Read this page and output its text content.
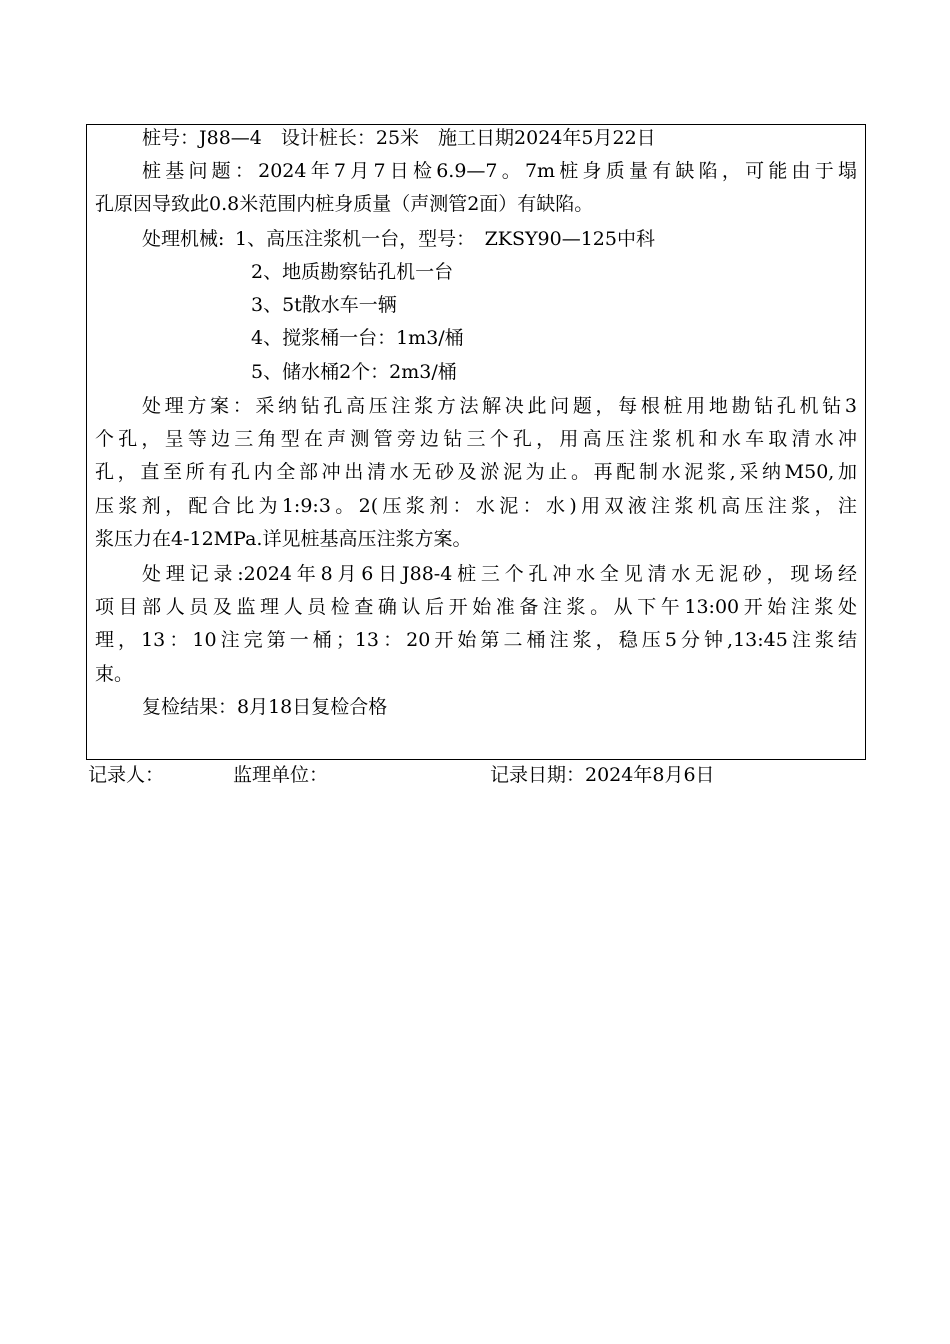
桩号：J88—4　设计桩长：25米　施工日期2024年5月22日
桩基问题：2024年7月7日检6.9—7。7m桩身质量有缺陷，可能由于塌
孔原因导致此0.8米范围内桩身质量（声测管2面）有缺陷。
处理机械: 1、高压注浆机一台，型号：　ZKSY90—125中科
2、地质勘察钻孔机一台
3、5t散水车一辆
4、搅浆桶一台：1m3/桶
5、储水桶2个：2m3/桶
处理方案：采纳钻孔高压注浆方法解决此问题，每根桩用地勘钻孔机钻3
个孔，呈等边三角型在声测管旁边钻三个孔，用高压注浆机和水车取清水冲
孔，直至所有孔内全部冲出清水无砂及淤泥为止。再配制水泥浆,采纳M50,加
压浆剂，配合比为1:9:3。2(压浆剂：水泥：水)用双液注浆机高压注浆，注
浆压力在4-12MPa.详见桩基高压注浆方案。
处理记录:2024年8月6日J88-4桩三个孔冲水全见清水无泥砂，现场经
项目部人员及监理人员检查确认后开始准备注浆。从下午13:00开始注浆处
理，13：10注完第一桶；13：20开始第二桶注浆，稳压5分钟,13:45注浆结
束。
复检结果：8月18日复检合格
记录人：	监理单位：	记录日期：2024年8月6日
